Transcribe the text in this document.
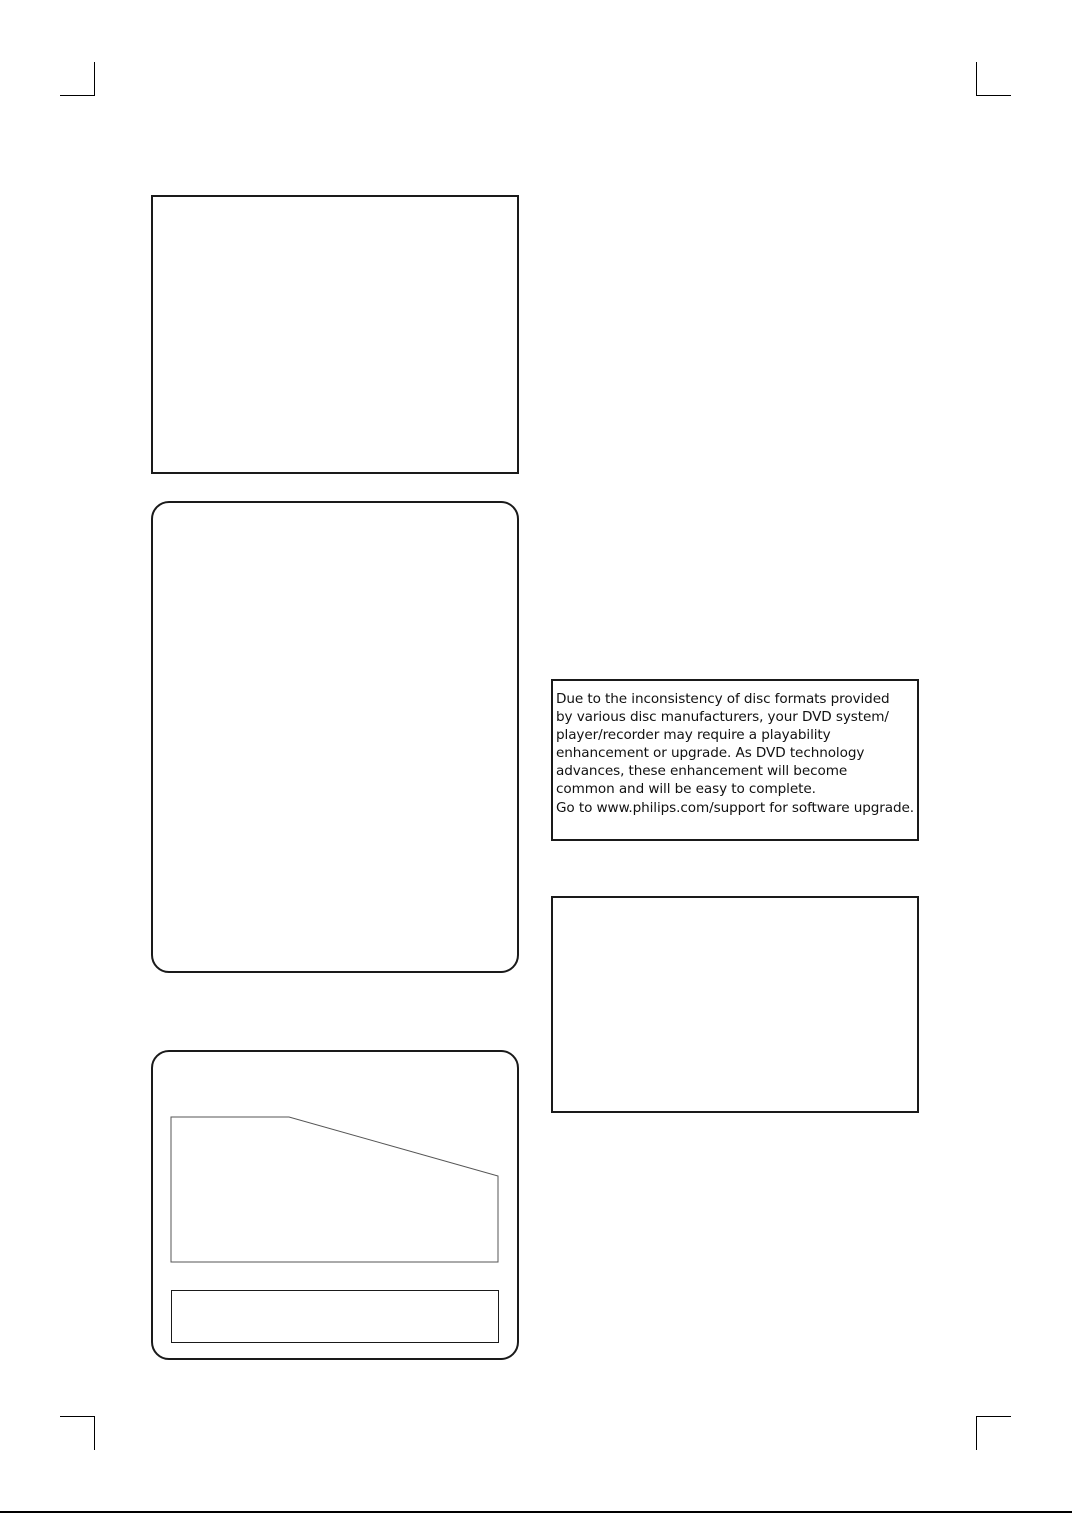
Due to the inconsistency of disc formats provided
by various disc manufacturers, your DVD system/
player/recorder may require a playability
enhancement or upgrade. As DVD technology
advances, these enhancement will become
common and will be easy to complete.
Go to www.philips.com/support for software upgrade.
